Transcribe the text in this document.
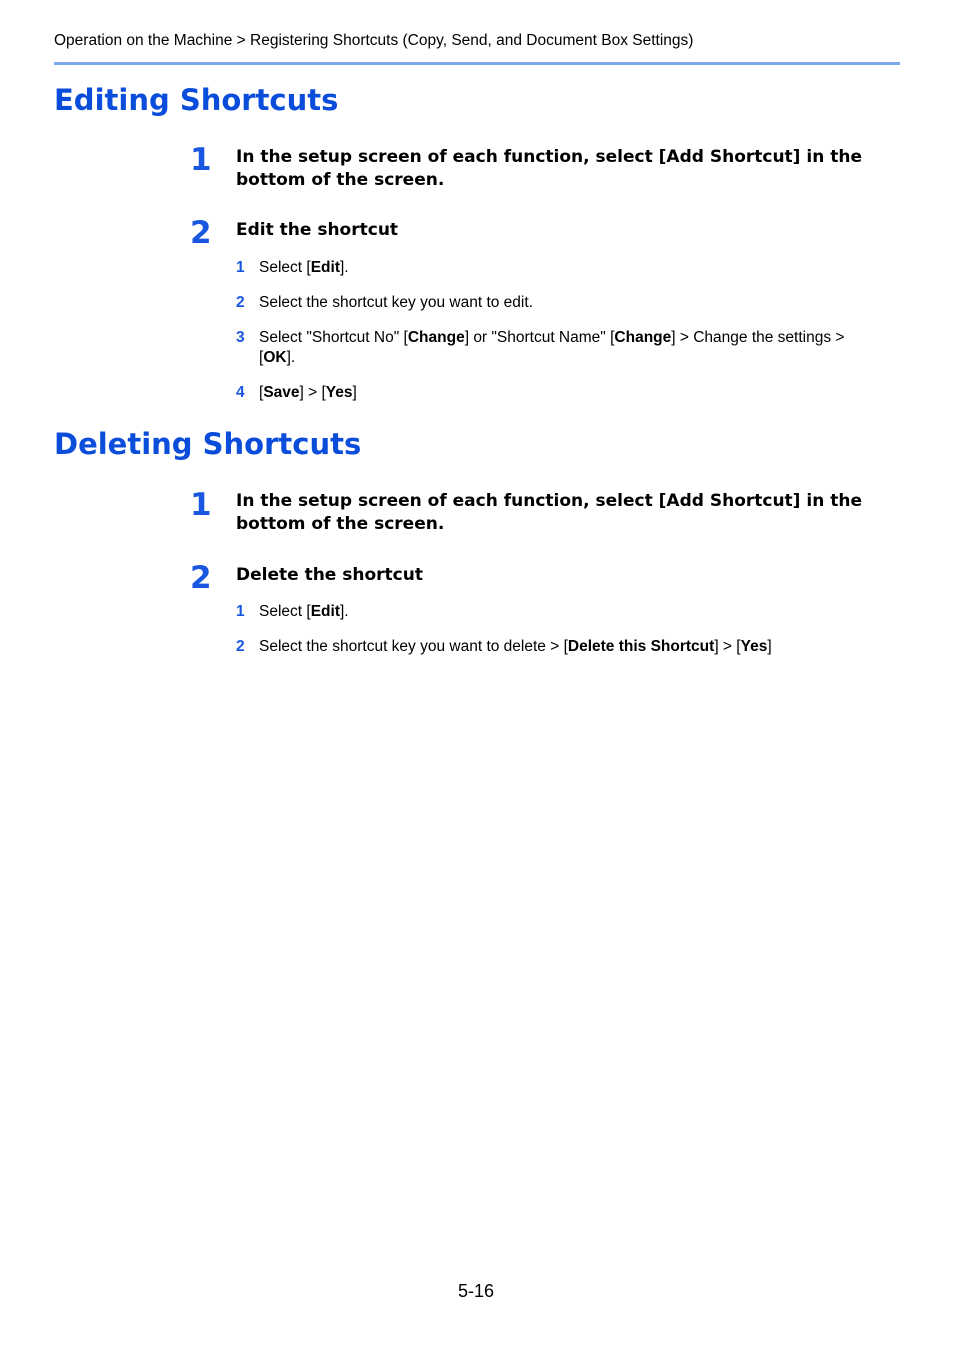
Operation on the Machine > Registering Shortcuts (Copy, Send, and Document Box Settings)
Editing Shortcuts
1 In the setup screen of each function, select [Add Shortcut] in the bottom of the screen.
2 Edit the shortcut
1 Select [Edit].
2 Select the shortcut key you want to edit.
3 Select "Shortcut No" [Change] or "Shortcut Name" [Change] > Change the settings > [OK].
4 [Save] > [Yes]
Deleting Shortcuts
1 In the setup screen of each function, select [Add Shortcut] in the bottom of the screen.
2 Delete the shortcut
1 Select [Edit].
2 Select the shortcut key you want to delete > [Delete this Shortcut] > [Yes]
5-16
